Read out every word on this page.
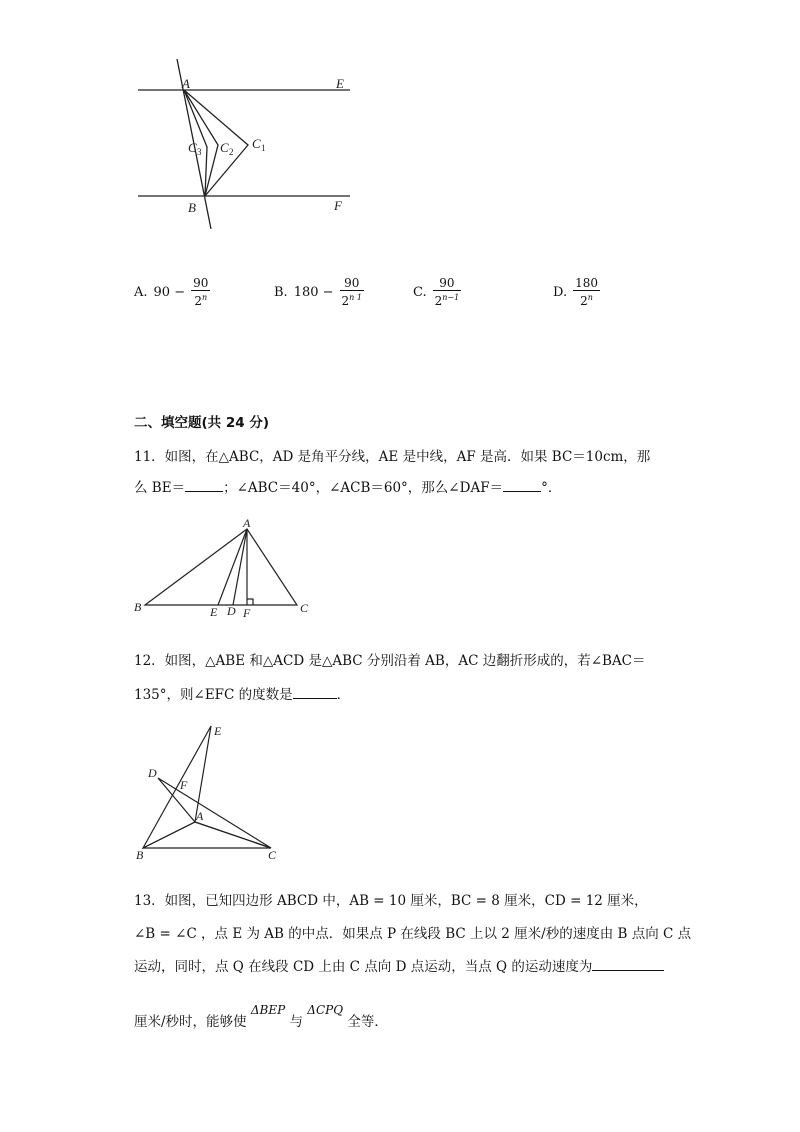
A	E
B	F
C 1
C 2
C 3
A. $90 - \frac{90}{2^n}$	B. $180 - \frac{90}{2^{n 1}}$	C. $\frac{90}{2^{n-1}}$	D. $\frac{180}{2^n}$
二、填空题(共 24 分)
11．如图，在△ABC，AD 是角平分线，AE 是中线，AF 是高．如果 BC＝10cm，那
么 BE＝	；∠ABC＝40°，∠ACB＝60°，那么∠DAF＝	°．
A
B	C
E D F
12．如图，△ABE 和△ACD 是△ABC 分别沿着 AB，AC 边翻折形成的，若∠BAC＝
135°，则∠EFC 的度数是	．
E
D
F
A
B	C
13．如图，已知四边形 ABCD 中，AB = 10 厘米，BC = 8 厘米，CD = 12 厘米，
∠B = ∠C ，点 E 为 AB 的中点．如果点 P 在线段 BC 上以 2 厘米/秒的速度由 B 点向 C 点
运动，同时，点 Q 在线段 CD 上由 C 点向 D 点运动，当点 Q 的运动速度为
厘米/秒时，能够使 ΔBEP 与 ΔCPQ 全等．
